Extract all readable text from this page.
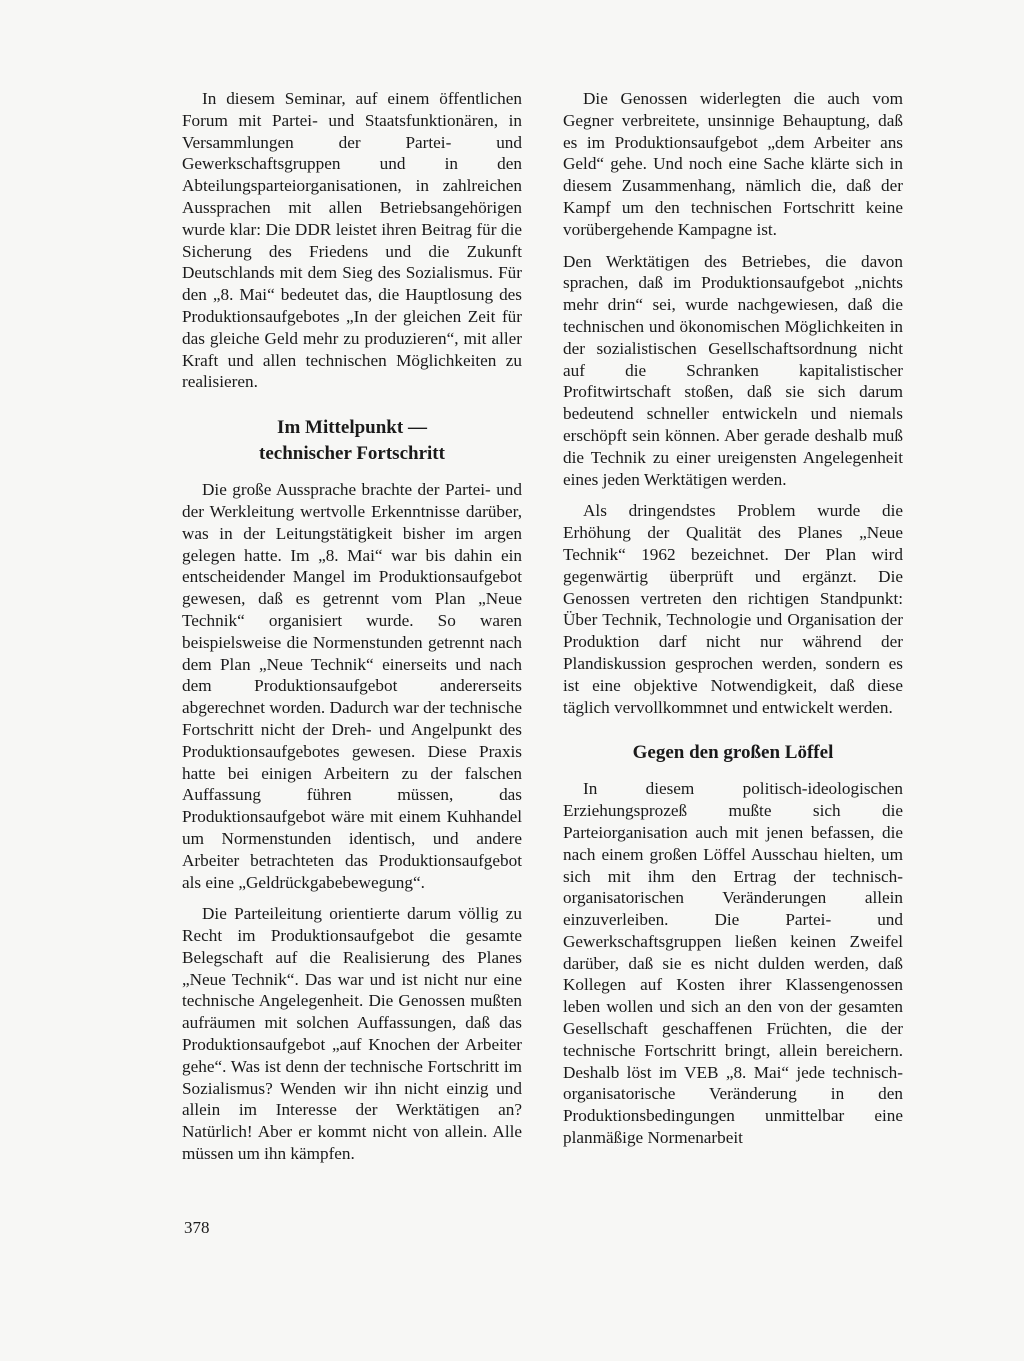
In diesem Seminar, auf einem öffentlichen Forum mit Partei- und Staatsfunktionären, in Versammlungen der Partei- und Gewerkschaftsgruppen und in den Abteilungsparteiorganisationen, in zahlreichen Aussprachen mit allen Betriebsangehörigen wurde klar: Die DDR leistet ihren Beitrag für die Sicherung des Friedens und die Zukunft Deutschlands mit dem Sieg des Sozialismus. Für den „8. Mai“ bedeutet das, die Hauptlosung des Produktionsaufgebotes „In der gleichen Zeit für das gleiche Geld mehr zu produzieren“, mit aller Kraft und allen technischen Möglichkeiten zu realisieren.

Im Mittelpunkt —
technischer Fortschritt

Die große Aussprache brachte der Partei- und der Werkleitung wertvolle Erkenntnisse darüber, was in der Leitungstätigkeit bisher im argen gelegen hatte. Im „8. Mai“ war bis dahin ein entscheidender Mangel im Produktionsaufgebot gewesen, daß es getrennt vom Plan „Neue Technik“ organisiert wurde. So waren beispielsweise die Normenstunden getrennt nach dem Plan „Neue Technik“ einerseits und nach dem Produktionsaufgebot andererseits abgerechnet worden. Dadurch war der technische Fortschritt nicht der Dreh- und Angelpunkt des Produktionsaufgebotes gewesen. Diese Praxis hatte bei einigen Arbeitern zu der falschen Auffassung führen müssen, das Produktionsaufgebot wäre mit einem Kuhhandel um Normenstunden identisch, und andere Arbeiter betrachteten das Produktionsaufgebot als eine „Geldrückgabebewegung“.

Die Parteileitung orientierte darum völlig zu Recht im Produktionsaufgebot die gesamte Belegschaft auf die Realisierung des Planes „Neue Technik“. Das war und ist nicht nur eine technische Angelegenheit. Die Genossen mußten aufräumen mit solchen Auffassungen, daß das Produktionsaufgebot „auf Knochen der Arbeiter gehe“. Was ist denn der technische Fortschritt im Sozialismus? Wenden wir ihn nicht einzig und allein im Interesse der Werktätigen an? Natürlich! Aber er kommt nicht von allein. Alle müssen um ihn kämpfen.

Die Genossen widerlegten die auch vom Gegner verbreitete, unsinnige Behauptung, daß es im Produktionsaufgebot „dem Arbeiter ans Geld“ gehe. Und noch eine Sache klärte sich in diesem Zusammenhang, nämlich die, daß der Kampf um den technischen Fortschritt keine vorübergehende Kampagne ist.

Den Werktätigen des Betriebes, die davon sprachen, daß im Produktionsaufgebot „nichts mehr drin“ sei, wurde nachgewiesen, daß die technischen und ökonomischen Möglichkeiten in der sozialistischen Gesellschaftsordnung nicht auf die Schranken kapitalistischer Profitwirtschaft stoßen, daß sie sich darum bedeutend schneller entwickeln und niemals erschöpft sein können. Aber gerade deshalb muß die Technik zu einer ureigensten Angelegenheit eines jeden Werktätigen werden.

Als dringendstes Problem wurde die Erhöhung der Qualität des Planes „Neue Technik“ 1962 bezeichnet. Der Plan wird gegenwärtig überprüft und ergänzt. Die Genossen vertreten den richtigen Standpunkt: Über Technik, Technologie und Organisation der Produktion darf nicht nur während der Plandiskussion gesprochen werden, sondern es ist eine objektive Notwendigkeit, daß diese täglich vervollkommnet und entwickelt werden.

Gegen den großen Löffel

In diesem politisch-ideologischen Erziehungsprozeß mußte sich die Parteiorganisation auch mit jenen befassen, die nach einem großen Löffel Ausschau hielten, um sich mit ihm den Ertrag der technisch-organisatorischen Veränderungen allein einzuverleiben. Die Partei- und Gewerkschaftsgruppen ließen keinen Zweifel darüber, daß sie es nicht dulden werden, daß Kollegen auf Kosten ihrer Klassengenossen leben wollen und sich an den von der gesamten Gesellschaft geschaffenen Früchten, die der technische Fortschritt bringt, allein bereichern. Deshalb löst im VEB „8. Mai“ jede technisch-organisatorische Veränderung in den Produktionsbedingungen unmittelbar eine planmäßige Normenarbeit

378
